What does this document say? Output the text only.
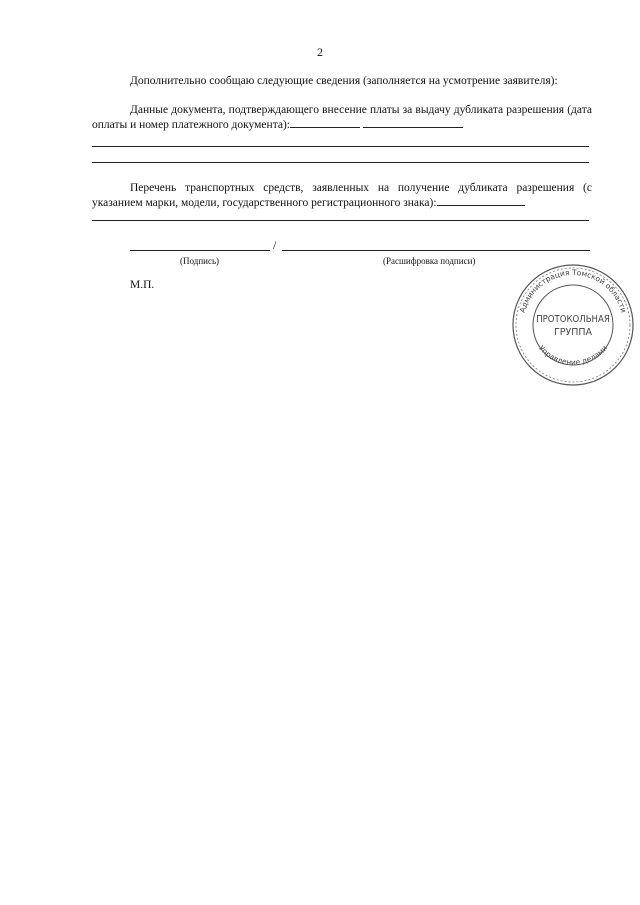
2
Дополнительно сообщаю следующие сведения (заполняется на усмотрение заявителя):
Данные документа, подтверждающего внесение платы за выдачу дубликата разрешения (дата оплаты и номер платежного документа):
Перечень транспортных средств, заявленных на получение дубликата разрешения (с указанием марки, модели, государственного регистрационного знака):
/
(Подпись)	(Расшифровка подписи)
М.П.
Администрация Томской области
Управление делами
ПРОТОКОЛЬНАЯ
ГРУППА
